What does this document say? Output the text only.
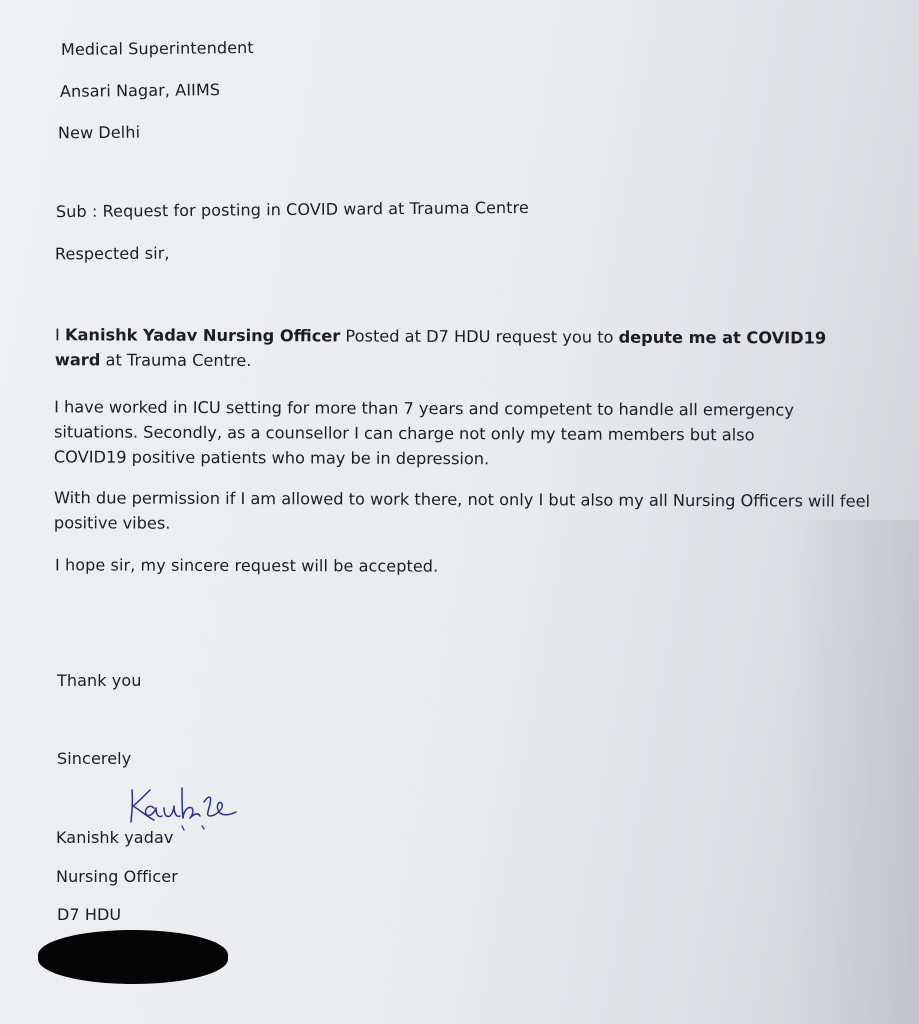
Medical Superintendent
Ansari Nagar, AIIMS
New Delhi
Sub : Request for posting in COVID ward at Trauma Centre
Respected sir,
I Kanishk Yadav Nursing Officer Posted at D7 HDU request you to depute me at COVID19 ward at Trauma Centre.
I have worked in ICU setting for more than 7 years and competent to handle all emergency situations. Secondly, as a counsellor I can charge not only my team members but also COVID19 positive patients who may be in depression.
With due permission if I am allowed to work there, not only I but also my all Nursing Officers will feel positive vibes.
I hope sir, my sincere request will be accepted.
Thank you
Sincerely
Kanishk yadav
Nursing Officer
D7 HDU
